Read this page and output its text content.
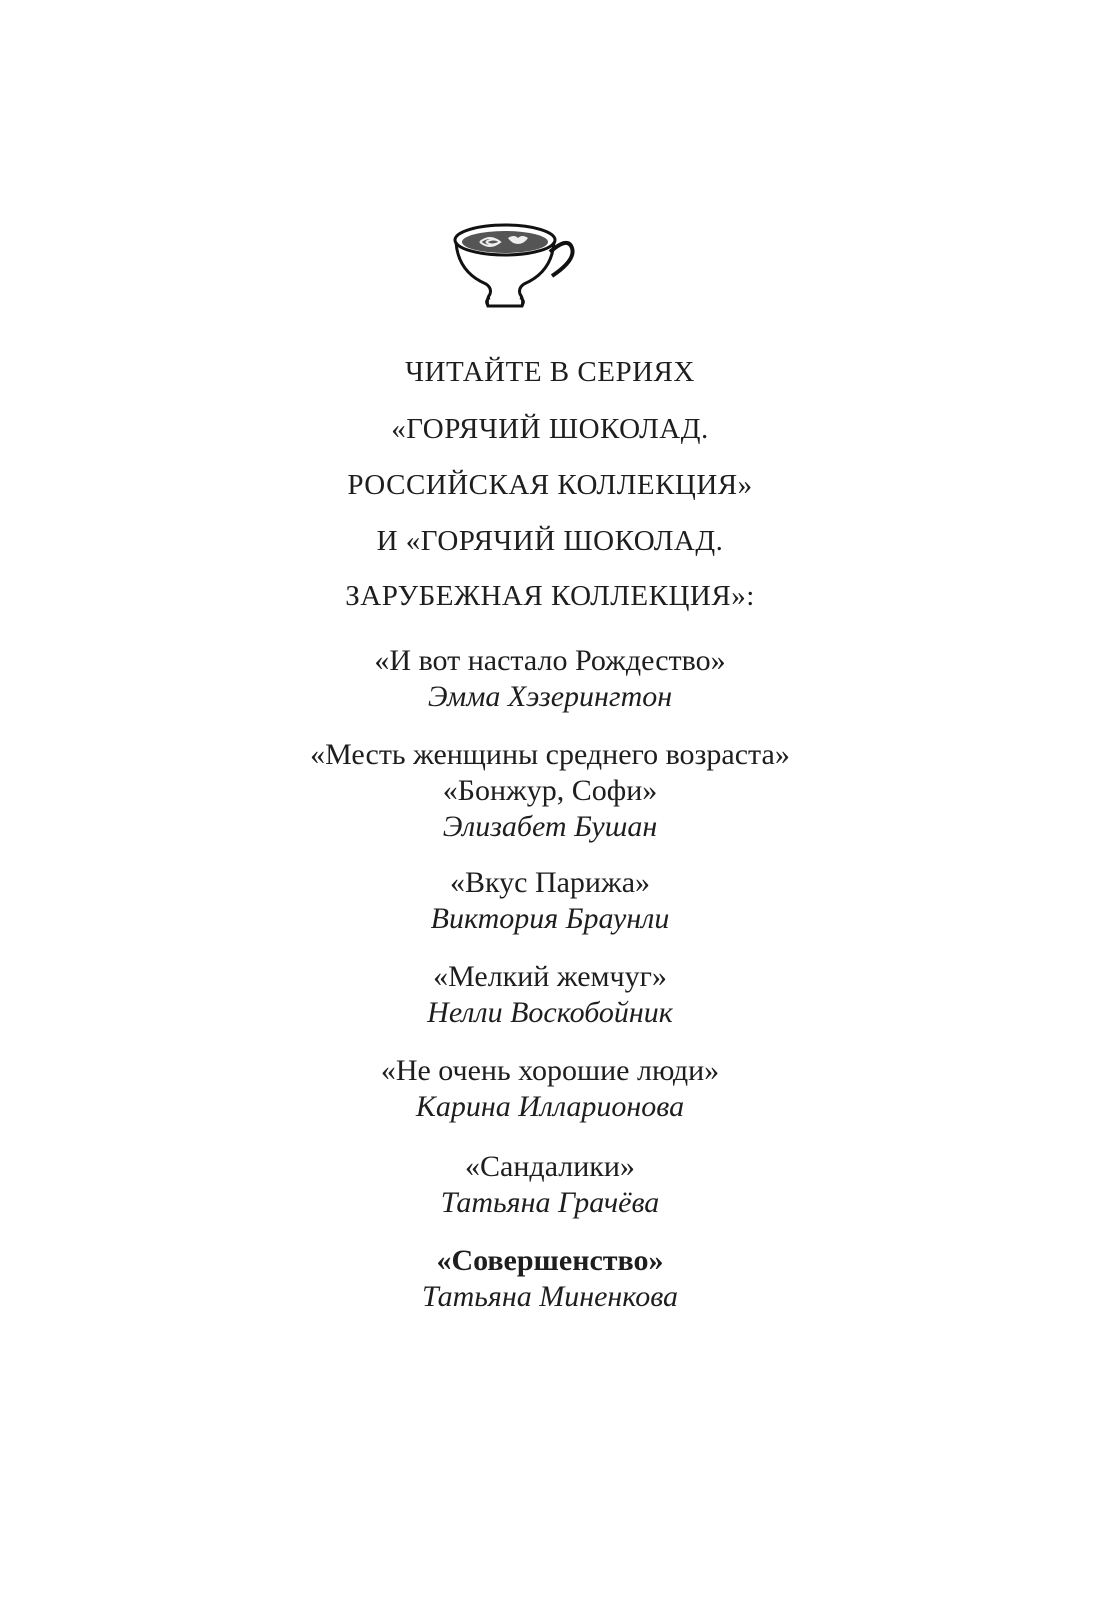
ЧИТАЙТЕ В СЕРИЯХ
«ГОРЯЧИЙ ШОКОЛАД.
РОССИЙСКАЯ КОЛЛЕКЦИЯ»
И «ГОРЯЧИЙ ШОКОЛАД.
ЗАРУБЕЖНАЯ КОЛЛЕКЦИЯ»:
«И вот настало Рождество»
Эмма Хэзерингтон
«Месть женщины среднего возраста»
«Бонжур, Софи»
Элизабет Бушан
«Вкус Парижа»
Виктория Браунли
«Мелкий жемчуг»
Нелли Воскобойник
«Не очень хорошие люди»
Карина Илларионова
«Сандалики»
Татьяна Грачёва
«Совершенство»
Татьяна Миненкова
